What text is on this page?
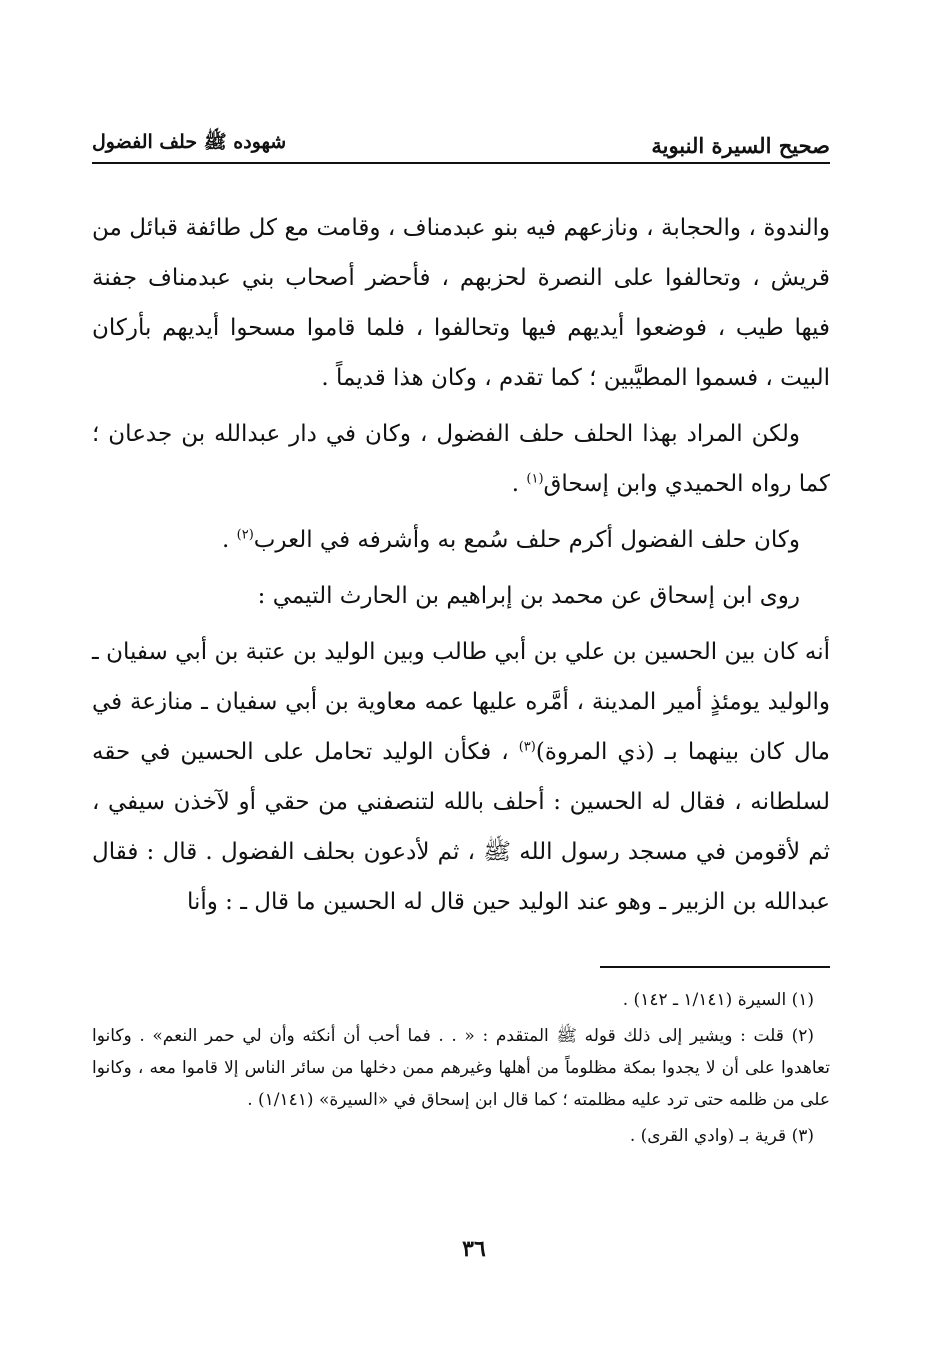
صحيح السيرة النبوية
شهوده ﷺ حلف الفضول

والندوة ، والحجابة ، ونازعهم فيه بنو عبدمناف ، وقامت مع كل طائفة قبائل من قريش ، وتحالفوا على النصرة لحزبهم ، فأحضر أصحاب بني عبدمناف جفنة فيها طيب ، فوضعوا أيديهم فيها وتحالفوا ، فلما قاموا مسحوا أيديهم بأركان البيت ، فسموا المطيَّبين ؛ كما تقدم ، وكان هذا قديماً .

ولكن المراد بهذا الحلف حلف الفضول ، وكان في دار عبدالله بن جدعان ؛ كما رواه الحميدي وابن إسحاق$^{(١)}$ .

وكان حلف الفضول أكرم حلف سُمع به وأشرفه في العرب$^{(٢)}$ .

روى ابن إسحاق عن محمد بن إبراهيم بن الحارث التيمي :

أنه كان بين الحسين بن علي بن أبي طالب وبين الوليد بن عتبة بن أبي سفيان ـ والوليد يومئذٍ أمير المدينة ، أمَّره عليها عمه معاوية بن أبي سفيان ـ منازعة في مال كان بينهما بـ (ذي المروة)$^{(٣)}$ ، فكأن الوليد تحامل على الحسين في حقه لسلطانه ، فقال له الحسين : أحلف بالله لتنصفني من حقي أو لآخذن سيفي ، ثم لأقومن في مسجد رسول الله ﷺ ، ثم لأدعون بحلف الفضول . قال : فقال عبدالله بن الزبير ـ وهو عند الوليد حين قال له الحسين ما قال ـ : وأنا

(١) السيرة (١/١٤١ ـ ١٤٢) .

(٢) قلت : ويشير إلى ذلك قوله ﷺ المتقدم : « . . فما أحب أن أنكثه وأن لي حمر النعم» . وكانوا تعاهدوا على أن لا يجدوا بمكة مظلوماً من أهلها وغيرهم ممن دخلها من سائر الناس إلا قاموا معه ، وكانوا على من ظلمه حتى ترد عليه مظلمته ؛ كما قال ابن إسحاق في «السيرة» (١/١٤١) .

(٣) قرية بـ (وادي القرى) .

٣٦
